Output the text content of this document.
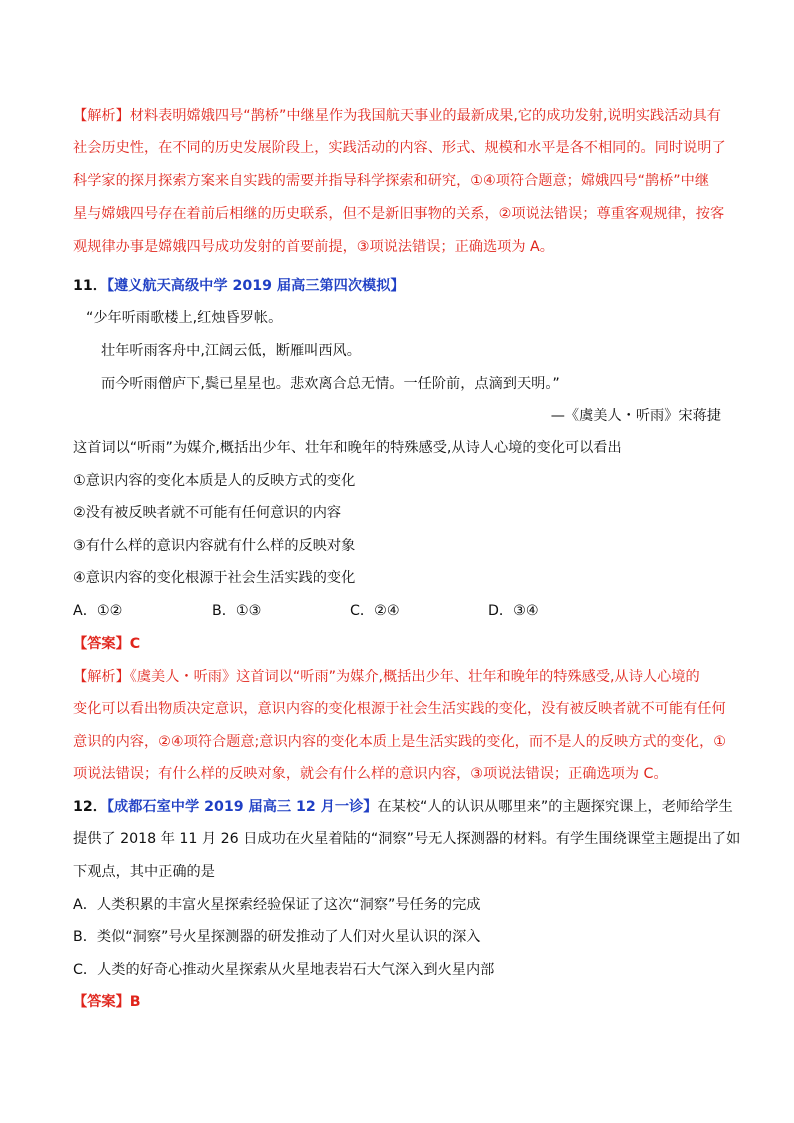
【解析】材料表明嫦娥四号“鹊桥”中继星作为我国航天事业的最新成果,它的成功发射,说明实践活动具有
社会历史性，在不同的历史发展阶段上，实践活动的内容、形式、规模和水平是各不相同的。同时说明了
科学家的探月探索方案来自实践的需要并指导科学探索和研究，①④项符合题意；嫦娥四号“鹊桥”中继
星与嫦娥四号存在着前后相继的历史联系，但不是新旧事物的关系，②项说法错误；尊重客观规律，按客
观规律办事是嫦娥四号成功发射的首要前提，③项说法错误；正确选项为 A。
11．【遵义航天高级中学 2019 届高三第四次模拟】
“少年听雨歌楼上,红烛昏罗帐。
壮年听雨客舟中,江阔云低，断雁叫西风。
而今听雨僧庐下,鬓已星星也。悲欢离合总无情。一任阶前，点滴到天明。”
—《虞美人・听雨》宋蒋捷
这首词以“听雨”为媒介,概括出少年、壮年和晚年的特殊感受,从诗人心境的变化可以看出
①意识内容的变化本质是人的反映方式的变化
②没有被反映者就不可能有任何意识的内容
③有什么样的意识内容就有什么样的反映对象
④意识内容的变化根源于社会生活实践的变化
A．①②	B．①③	C．②④	D．③④
【答案】C
【解析】《虞美人・听雨》这首词以“听雨”为媒介,概括出少年、壮年和晚年的特殊感受,从诗人心境的
变化可以看出物质决定意识，意识内容的变化根源于社会生活实践的变化，没有被反映者就不可能有任何
意识的内容，②④项符合题意;意识内容的变化本质上是生活实践的变化，而不是人的反映方式的变化，①
项说法错误；有什么样的反映对象，就会有什么样的意识内容，③项说法错误；正确选项为 C。
12．【成都石室中学 2019 届高三 12 月一诊】在某校“人的认识从哪里来”的主题探究课上，老师给学生
提供了 2018 年 11 月 26 日成功在火星着陆的“洞察”号无人探测器的材料。有学生围绕课堂主题提出了如
下观点，其中正确的是
A．人类积累的丰富火星探索经验保证了这次“洞察”号任务的完成
B．类似“洞察”号火星探测器的研发推动了人们对火星认识的深入
C．人类的好奇心推动火星探索从火星地表岩石大气深入到火星内部
【答案】B
